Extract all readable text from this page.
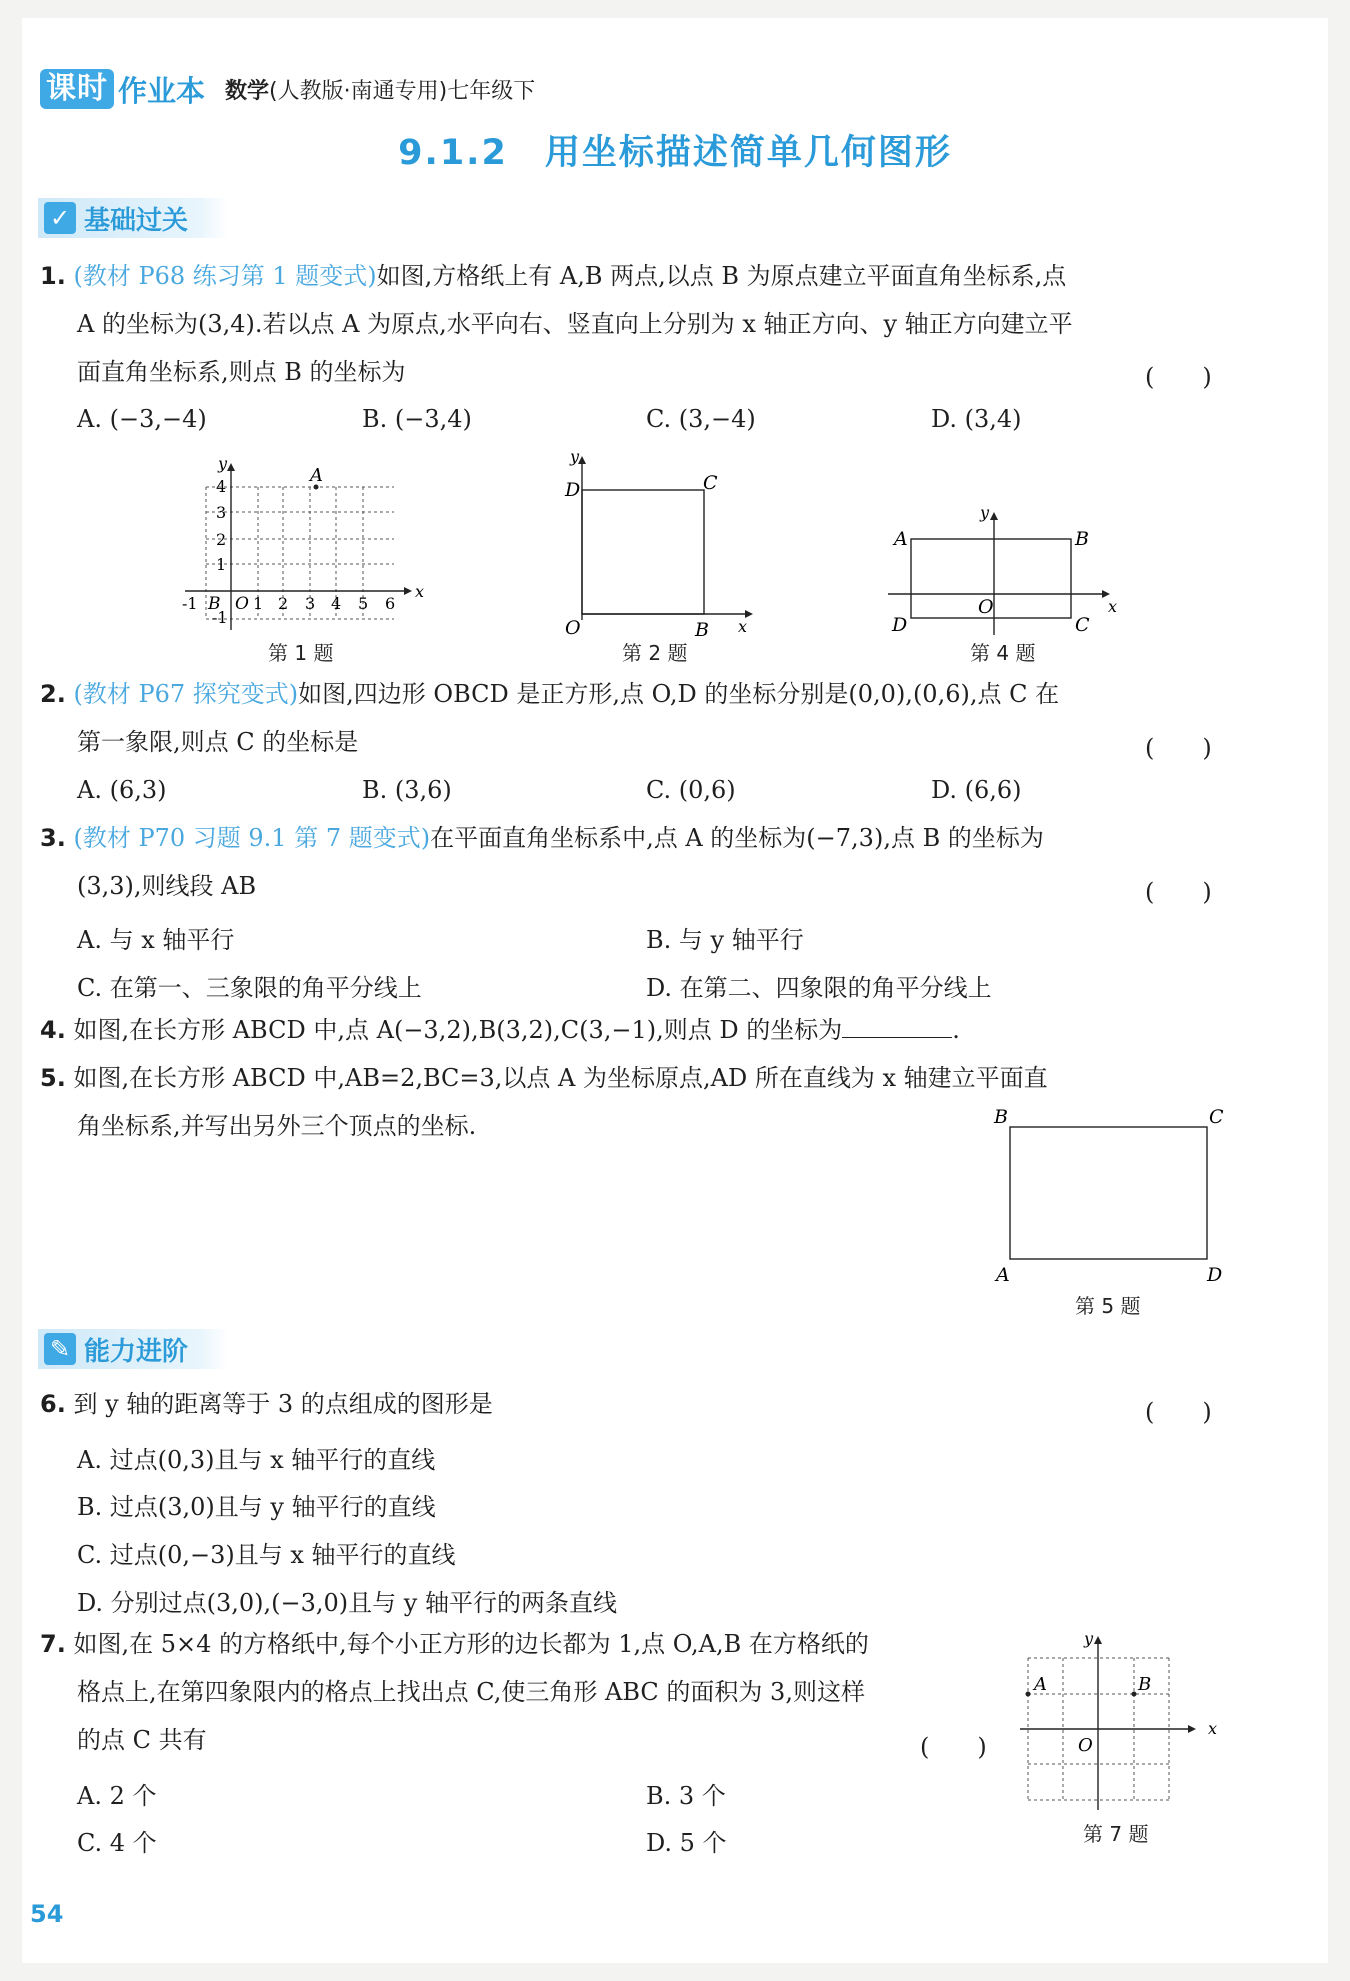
课时 作业本 数学(人教版·南通专用)七年级下
9.1.2　用坐标描述简单几何图形
✓ 基础过关
1. (教材 P68 练习第 1 题变式)如图,方格纸上有 A,B 两点,以点 B 为原点建立平面直角坐标系,点
A 的坐标为(3,4).若以点 A 为原点,水平向右、竖直向上分别为 x 轴正方向、y 轴正方向建立平
面直角坐标系,则点 B 的坐标为	(　　)
A. (−3,−4)	B. (−3,4)	C. (3,−4)	D. (3,4)
y
x
A
4
3
2
1
-1
-1 B O 1 2 3 4 5 6
第 1 题
y
D	C
O	B x
第 2 题
y
A	B
C
D
O	x
第 4 题
2. (教材 P67 探究变式)如图,四边形 OBCD 是正方形,点 O,D 的坐标分别是(0,0),(0,6),点 C 在
第一象限,则点 C 的坐标是	(　　)
A. (6,3)	B. (3,6)	C. (0,6)	D. (6,6)
3. (教材 P70 习题 9.1 第 7 题变式)在平面直角坐标系中,点 A 的坐标为(−7,3),点 B 的坐标为
(3,3),则线段 AB	(　　)
A. 与 x 轴平行	B. 与 y 轴平行
C. 在第一、三象限的角平分线上	D. 在第二、四象限的角平分线上
4. 如图,在长方形 ABCD 中,点 A(−3,2),B(3,2),C(3,−1),则点 D 的坐标为	.
5. 如图,在长方形 ABCD 中,AB=2,BC=3,以点 A 为坐标原点,AD 所在直线为 x 轴建立平面直
角坐标系,并写出另外三个顶点的坐标.	B	C
A	D
第 5 题
✎ 能力进阶
6. 到 y 轴的距离等于 3 的点组成的图形是	(　　)
A. 过点(0,3)且与 x 轴平行的直线
B. 过点(3,0)且与 y 轴平行的直线
C. 过点(0,−3)且与 x 轴平行的直线
D. 分别过点(3,0),(−3,0)且与 y 轴平行的两条直线
7. 如图,在 5×4 的方格纸中,每个小正方形的边长都为 1,点 O,A,B 在方格纸的
格点上,在第四象限内的格点上找出点 C,使三角形 ABC 的面积为 3,则这样
的点 C 共有	(　　)
A. 2 个	B. 3 个
C. 4 个	D. 5 个
y
A	B
O
x
第 7 题
54
